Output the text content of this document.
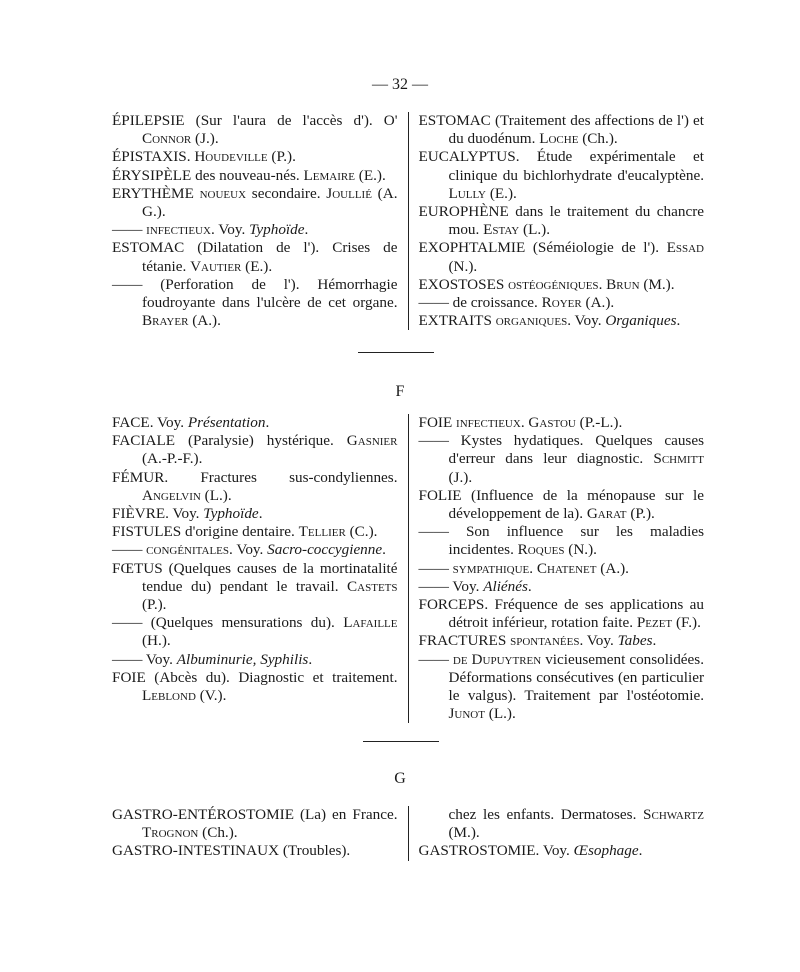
— 32 —
ÉPILEPSIE (Sur l'aura de l'accès d'). O' Connor (J.).
ÉPISTAXIS. Houdeville (P.).
ÉRYSIPÈLE des nouveau-nés. Lemaire (E.).
ERYTHÈME noueux secondaire. Joullié (A. G.).
—— infectieux. Voy. Typhoïde.
ESTOMAC (Dilatation de l'). Crises de tétanie. Vautier (E.).
—— (Perforation de l'). Hémorrhagie foudroyante dans l'ulcère de cet organe. Brayer (A.).
ESTOMAC (Traitement des affections de l') et du duodénum. Loche (Ch.).
EUCALYPTUS. Étude expérimentale et clinique du bichlorhydrate d'eucalyptène. Lully (E.).
EUROPHÈNE dans le traitement du chancre mou. Estay (L.).
EXOPHTALMIE (Séméiologie de l'). Essad (N.).
EXOSTOSES ostéogéniques. Brun (M.).
—— de croissance. Royer (A.).
EXTRAITS organiques. Voy. Organiques.
F
FACE. Voy. Présentation.
FACIALE (Paralysie) hystérique. Gasnier (A.-P.-F.).
FÉMUR. Fractures sus-condyliennes. Angelvin (L.).
FIÈVRE. Voy. Typhoïde.
FISTULES d'origine dentaire. Tellier (C.).
—— congénitales. Voy. Sacro-coccygienne.
FŒTUS (Quelques causes de la mortinatalité tendue du) pendant le travail. Castets (P.).
—— (Quelques mensurations du). Lafaille (H.).
—— Voy. Albuminurie, Syphilis.
FOIE (Abcès du). Diagnostic et traitement. Leblond (V.).
FOIE infectieux. Gastou (P.-L.).
—— Kystes hydatiques. Quelques causes d'erreur dans leur diagnostic. Schmitt (J.).
FOLIE (Influence de la ménopause sur le développement de la). Garat (P.).
—— Son influence sur les maladies incidentes. Roques (N.).
—— sympathique. Chatenet (A.).
—— Voy. Aliénés.
FORCEPS. Fréquence de ses applications au détroit inférieur, rotation faite. Pezet (F.).
FRACTURES spontanées. Voy. Tabes.
—— de Dupuytren vicieusement consolidées. Déformations consécutives (en particulier le valgus). Traitement par l'ostéotomie. Junot (L.).
G
GASTRO-ENTÉROSTOMIE (La) en France. Trognon (Ch.).
GASTRO-INTESTINAUX (Troubles).
chez les enfants. Dermatoses. Schwartz (M.).
GASTROSTOMIE. Voy. Œsophage.
